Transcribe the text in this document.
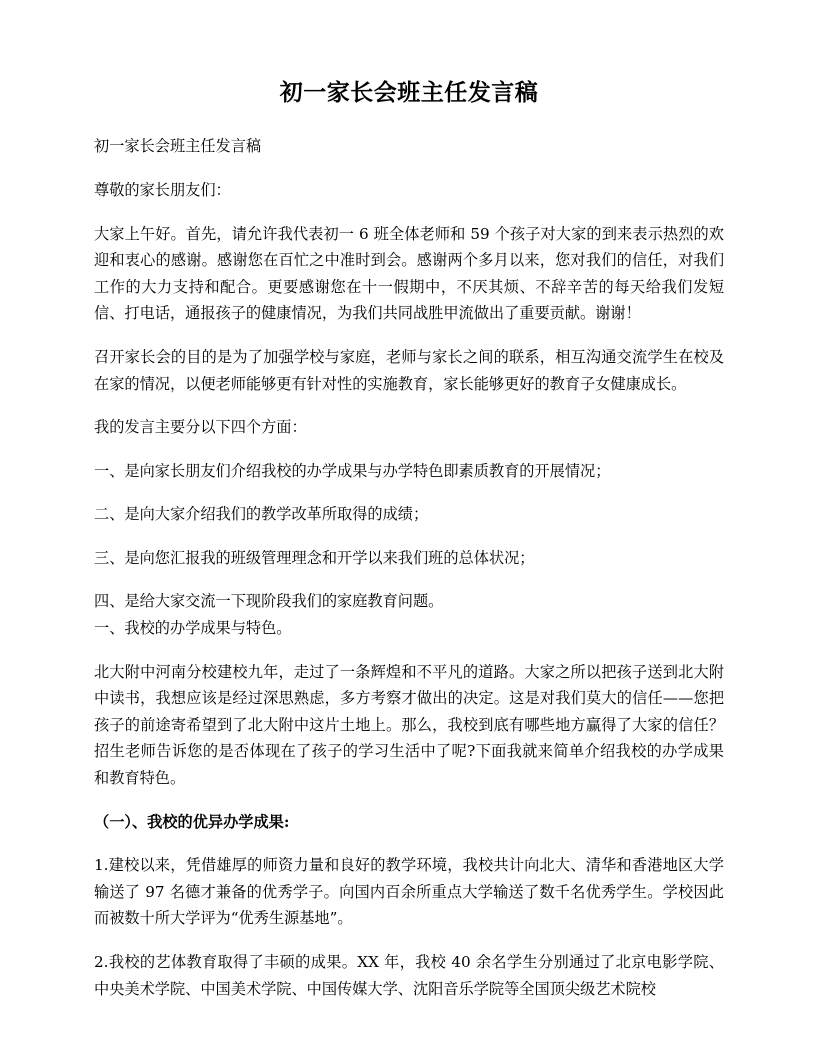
初一家长会班主任发言稿

初一家长会班主任发言稿

尊敬的家长朋友们：

大家上午好。首先，请允许我代表初一 6 班全体老师和 59 个孩子对大家的到来表示热烈的欢迎和衷心的感谢。感谢您在百忙之中准时到会。感谢两个多月以来，您对我们的信任，对我们工作的大力支持和配合。更要感谢您在十一假期中，不厌其烦、不辞辛苦的每天给我们发短信、打电话，通报孩子的健康情况，为我们共同战胜甲流做出了重要贡献。谢谢！

召开家长会的目的是为了加强学校与家庭，老师与家长之间的联系，相互沟通交流学生在校及在家的情况，以便老师能够更有针对性的实施教育，家长能够更好的教育子女健康成长。

我的发言主要分以下四个方面：

一、是向家长朋友们介绍我校的办学成果与办学特色即素质教育的开展情况；

二、是向大家介绍我们的教学改革所取得的成绩；

三、是向您汇报我的班级管理理念和开学以来我们班的总体状况；

四、是给大家交流一下现阶段我们的家庭教育问题。
一、我校的办学成果与特色。

北大附中河南分校建校九年，走过了一条辉煌和不平凡的道路。大家之所以把孩子送到北大附中读书，我想应该是经过深思熟虑，多方考察才做出的决定。这是对我们莫大的信任——您把孩子的前途寄希望到了北大附中这片土地上。那么，我校到底有哪些地方赢得了大家的信任？招生老师告诉您的是否体现在了孩子的学习生活中了呢?下面我就来简单介绍我校的办学成果和教育特色。

（一）、我校的优异办学成果:

1.建校以来，凭借雄厚的师资力量和良好的教学环境，我校共计向北大、清华和香港地区大学输送了 97 名德才兼备的优秀学子。向国内百余所重点大学输送了数千名优秀学生。学校因此而被数十所大学评为“优秀生源基地”。

2.我校的艺体教育取得了丰硕的成果。XX 年，我校 40 余名学生分别通过了北京电影学院、中央美术学院、中国美术学院、中国传媒大学、沈阳音乐学院等全国顶尖级艺术院校
